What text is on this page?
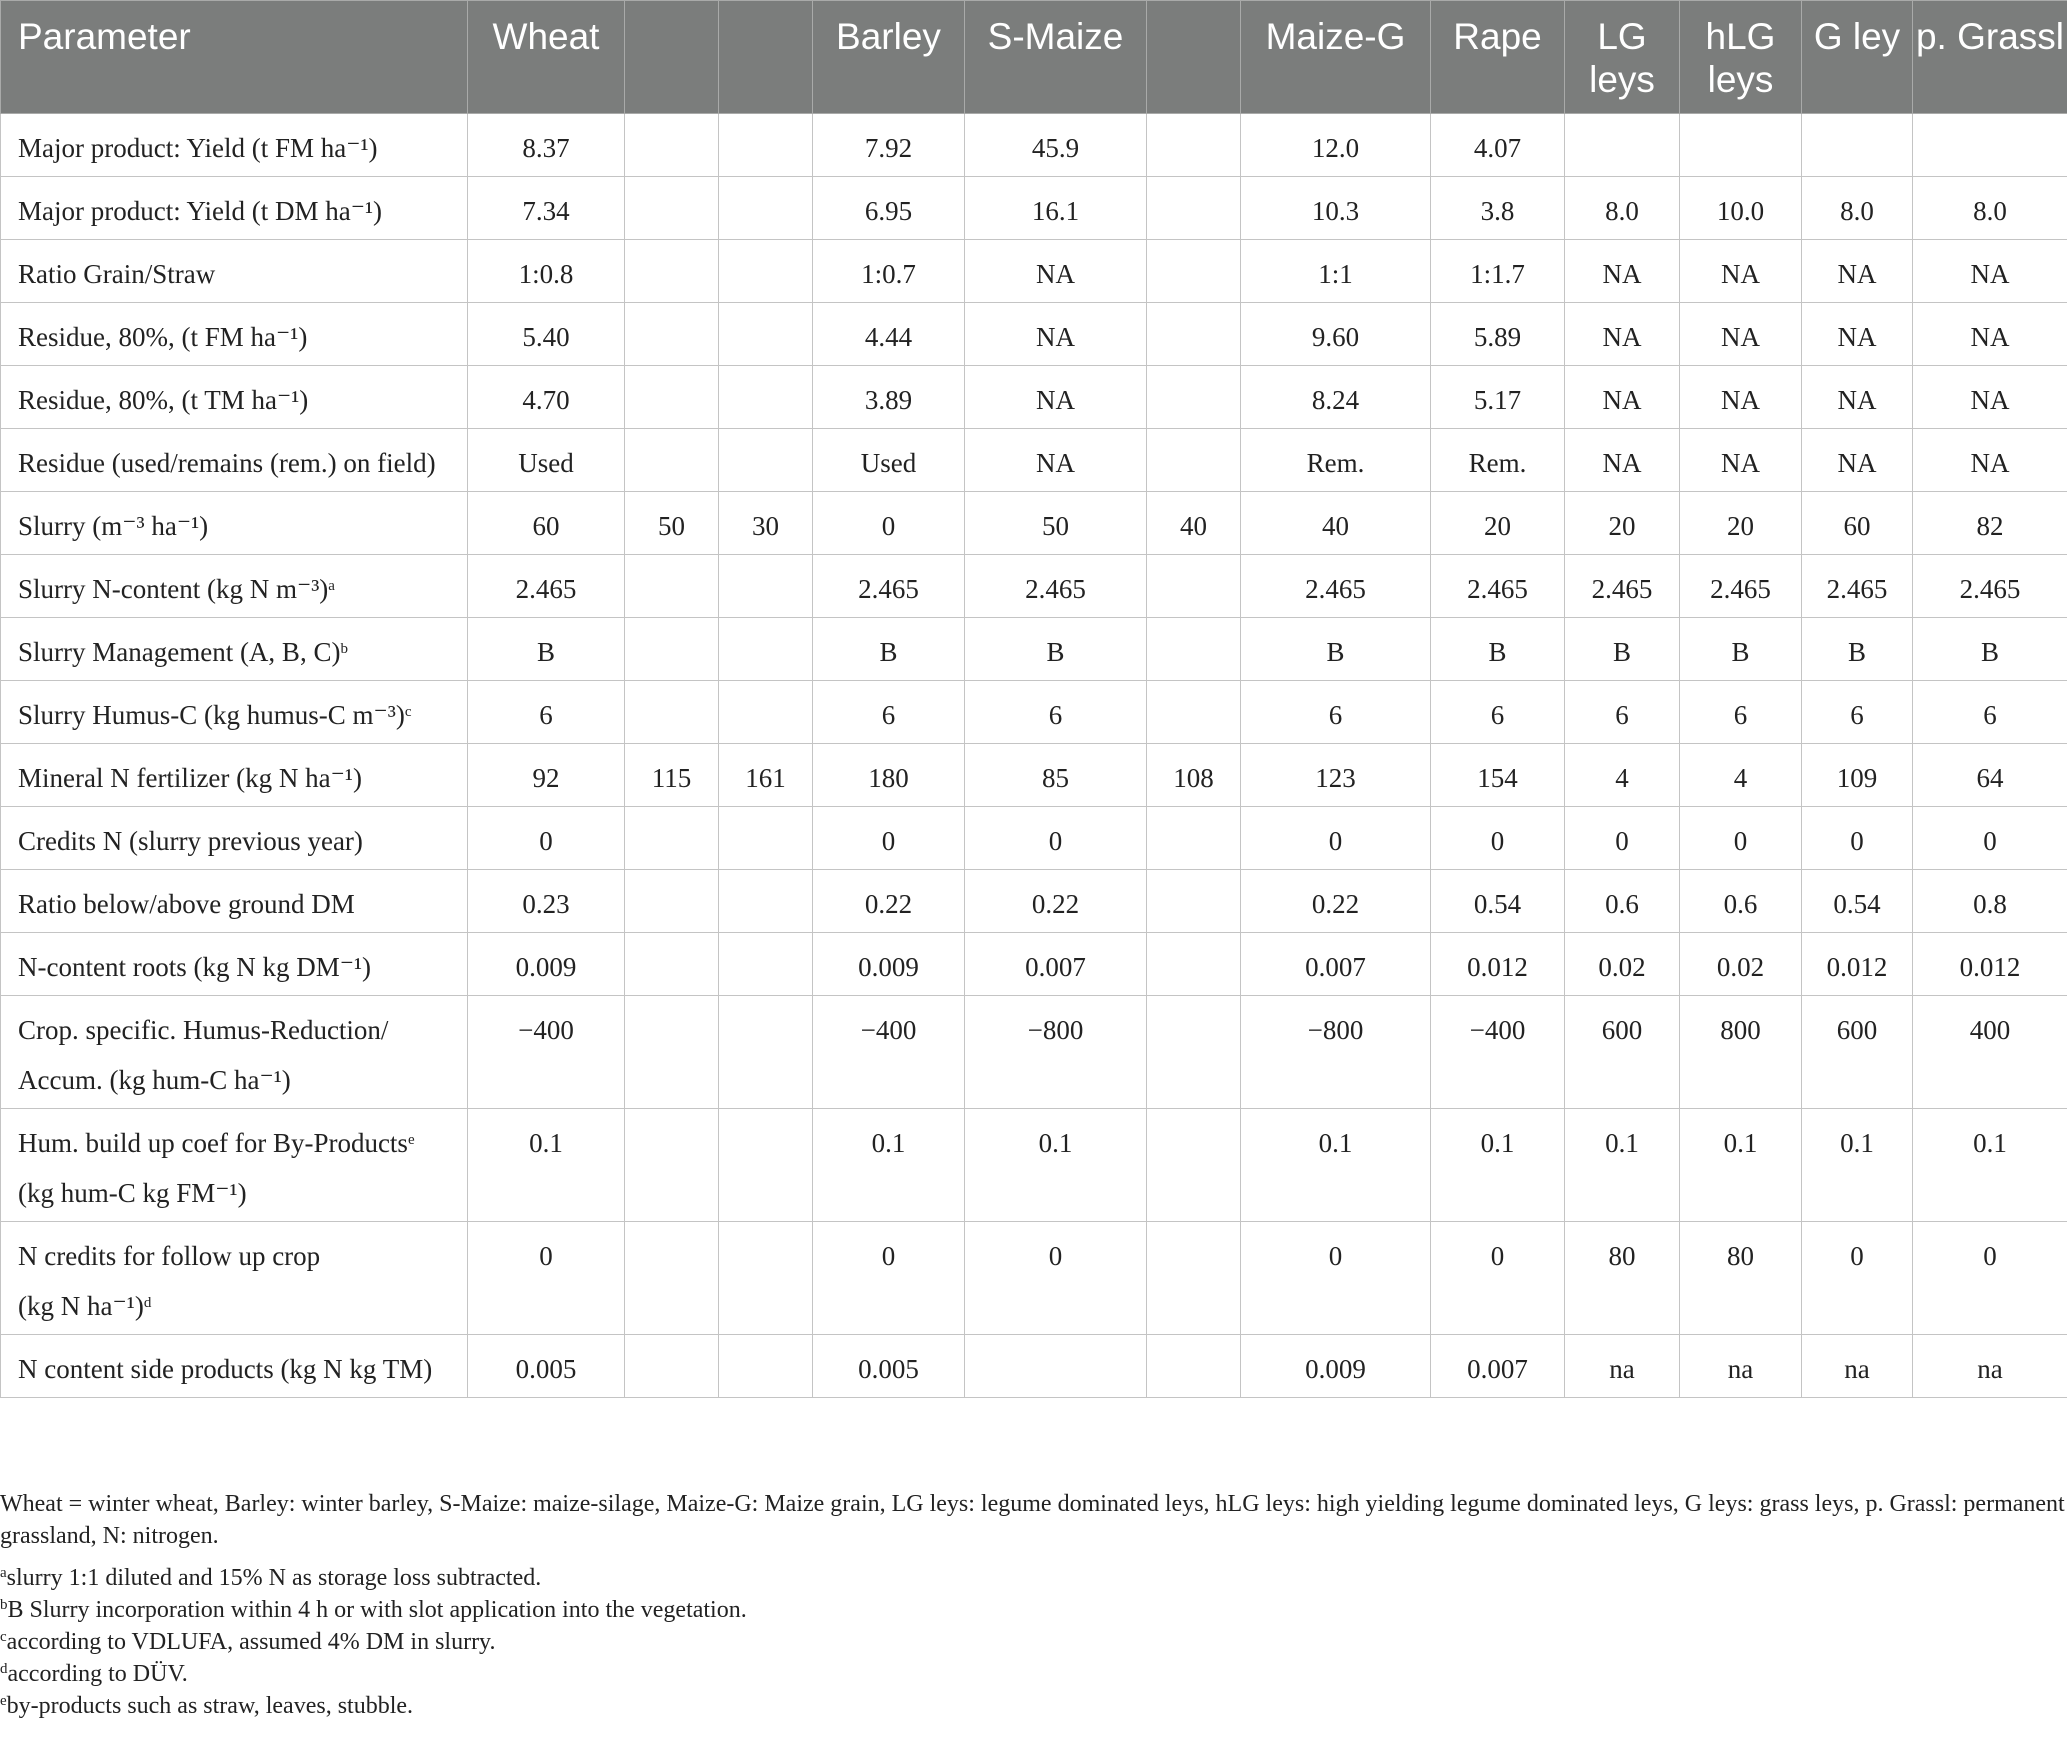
Parameter	Wheat			Barley	S-Maize		Maize-G	Rape	LG leys	hLG leys	G ley	p. Grassl
Major product: Yield (t FM ha⁻¹)	8.37			7.92	45.9		12.0	4.07				
Major product: Yield (t DM ha⁻¹)	7.34			6.95	16.1		10.3	3.8	8.0	10.0	8.0	8.0
Ratio Grain/Straw	1:0.8			1:0.7	NA		1:1	1:1.7	NA	NA	NA	NA
Residue, 80%, (t FM ha⁻¹)	5.40			4.44	NA		9.60	5.89	NA	NA	NA	NA
Residue, 80%, (t TM ha⁻¹)	4.70			3.89	NA		8.24	5.17	NA	NA	NA	NA
Residue (used/remains (rem.) on field)	Used			Used	NA		Rem.	Rem.	NA	NA	NA	NA
Slurry (m⁻³ ha⁻¹)	60	50	30	0	50	40	40	20	20	20	60	82
Slurry N-content (kg N m⁻³)$^a$	2.465			2.465	2.465		2.465	2.465	2.465	2.465	2.465	2.465
Slurry Management (A, B, C)$^b$	B			B	B		B	B	B	B	B	B
Slurry Humus-C (kg humus-C m⁻³)$^c$	6			6	6		6	6	6	6	6	6
Mineral N fertilizer (kg N ha⁻¹)	92	115	161	180	85	108	123	154	4	4	109	64
Credits N (slurry previous year)	0			0	0		0	0	0	0	0	0
Ratio below/above ground DM	0.23			0.22	0.22		0.22	0.54	0.6	0.6	0.54	0.8
N-content roots (kg N kg DM⁻¹)	0.009			0.009	0.007		0.007	0.012	0.02	0.02	0.012	0.012
Crop. specific. Humus-Reduction/ Accum. (kg hum-C ha⁻¹)	−400			−400	−800		−800	−400	600	800	600	400
Hum. build up coef for By-Products$^e$
(kg hum-C kg FM⁻¹)	0.1			0.1	0.1		0.1	0.1	0.1	0.1	0.1	0.1
N credits for follow up crop
(kg N ha⁻¹)$^d$	0			0	0		0	0	80	80	0	0
N content side products (kg N kg TM)	0.005			0.005			0.009	0.007	na	na	na	na

Wheat = winter wheat, Barley: winter barley, S-Maize: maize-silage, Maize-G: Maize grain, LG leys: legume dominated leys, hLG leys: high yielding legume dominated leys, G leys: grass leys, p. Grassl: permanent grassland, N: nitrogen.

$^a$slurry 1:1 diluted and 15% N as storage loss subtracted.

$^b$B Slurry incorporation within 4 h or with slot application into the vegetation.

$^c$according to VDLUFA, assumed 4% DM in slurry.

$^d$according to DÜV.

$^e$by-products such as straw, leaves, stubble.
